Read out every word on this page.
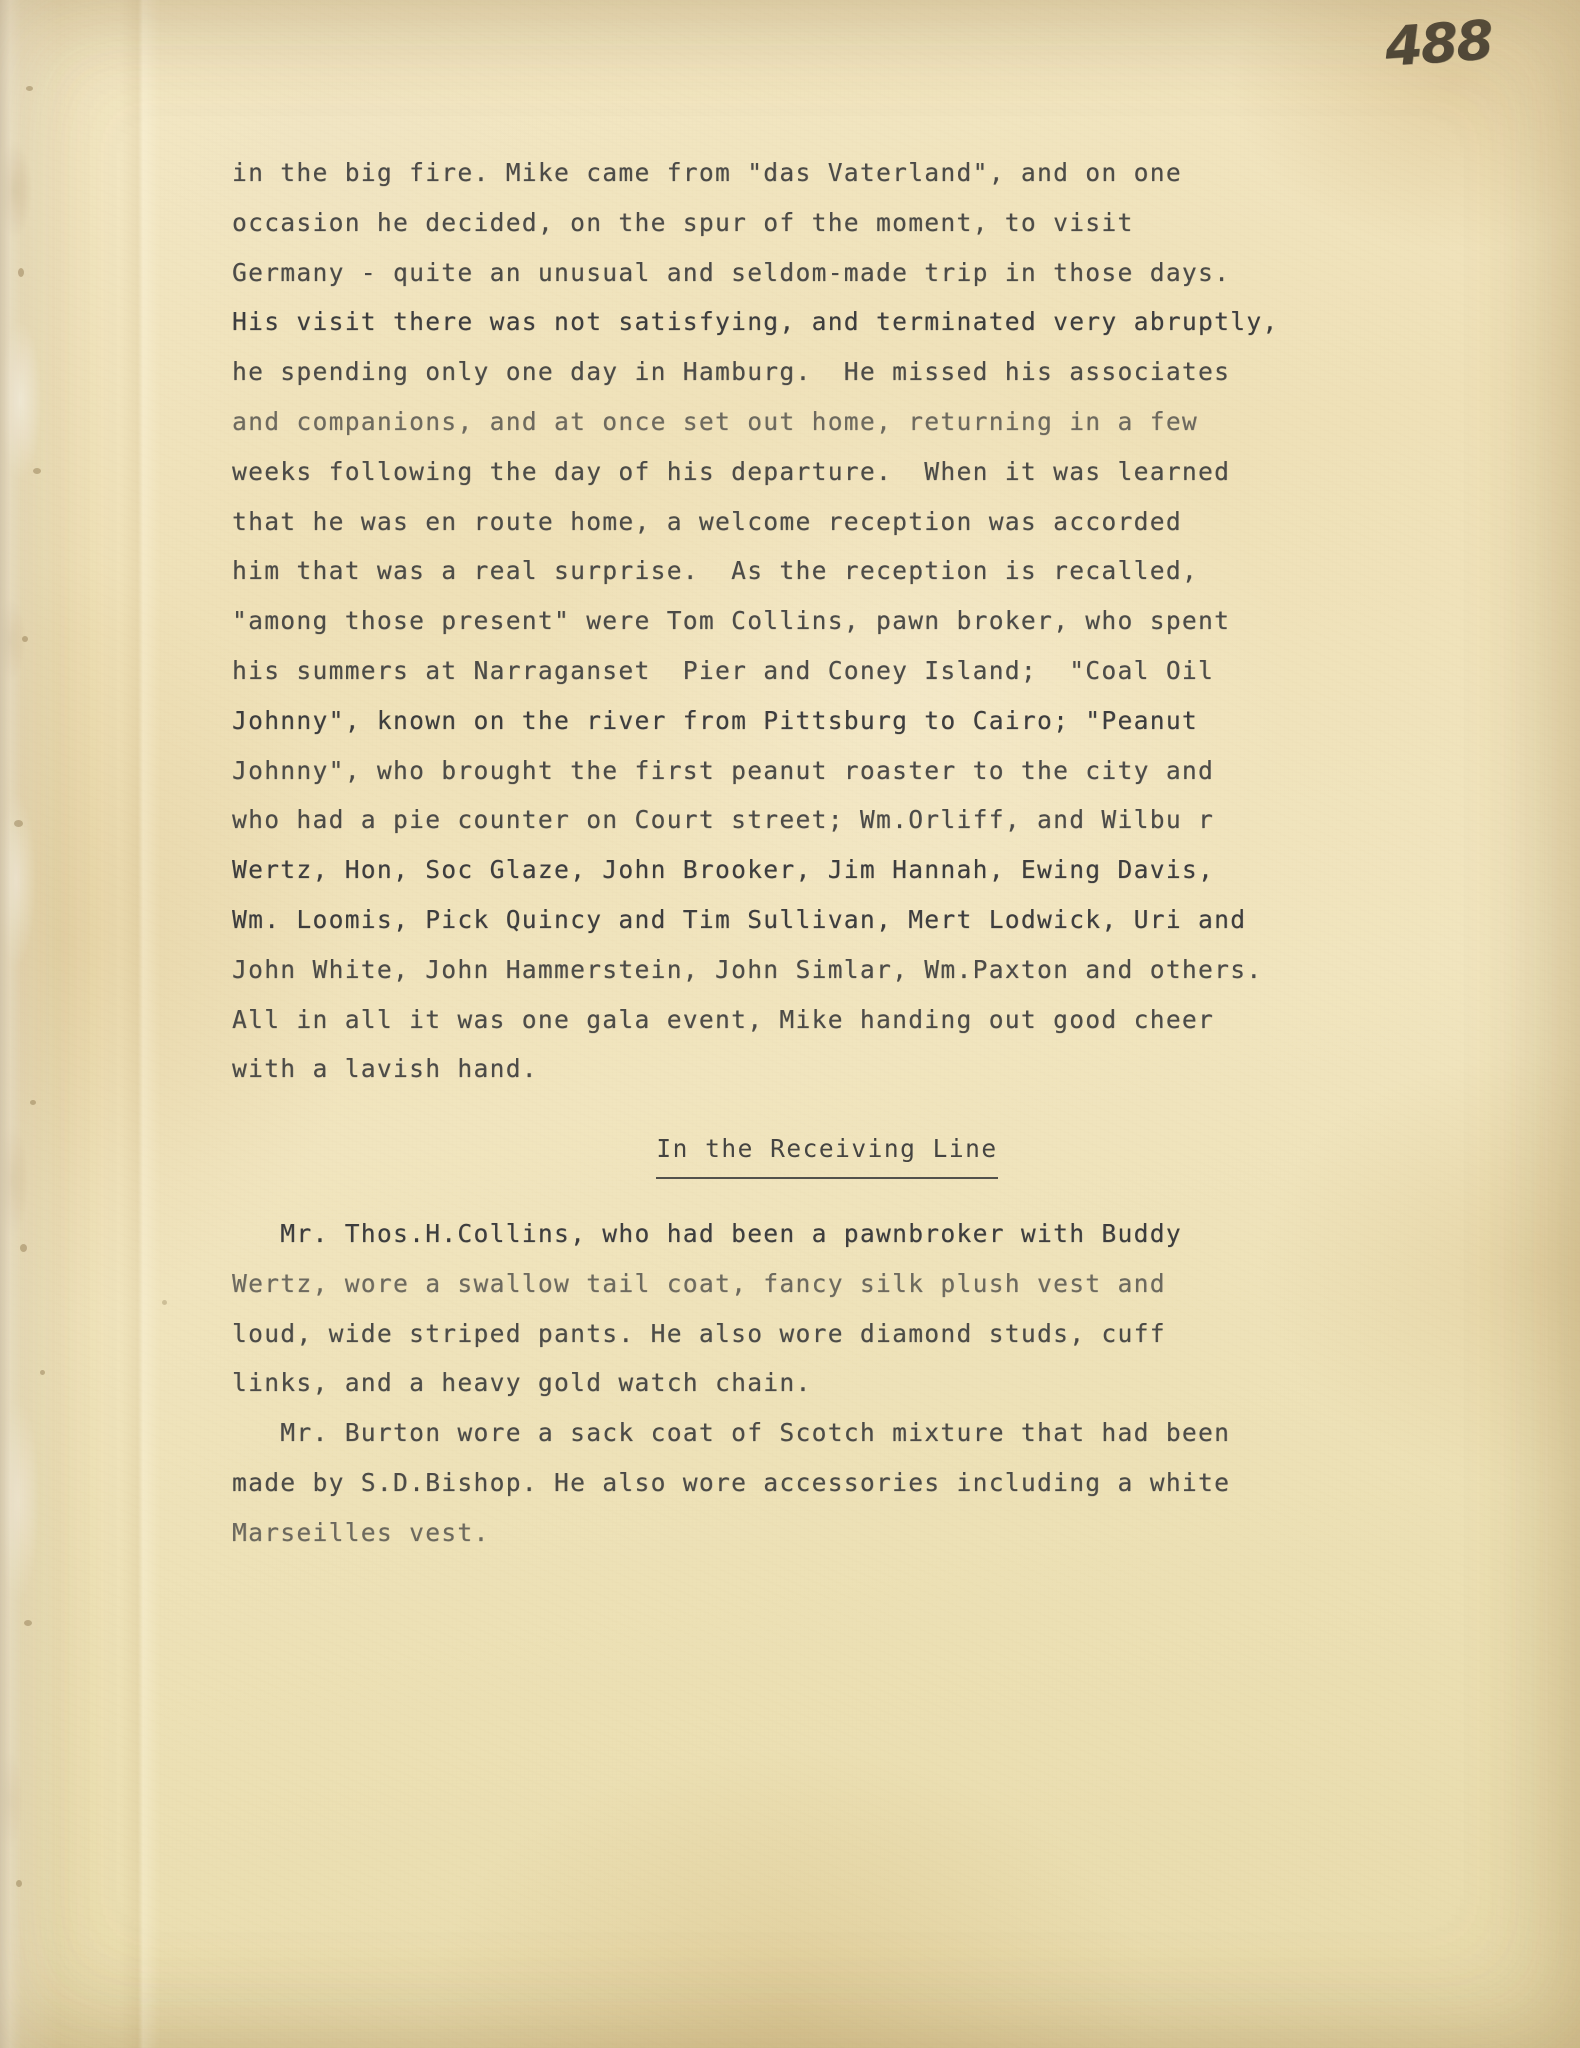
488
in the big fire. Mike came from "das Vaterland", and on one
occasion he decided, on the spur of the moment, to visit
Germany - quite an unusual and seldom-made trip in those days.
His visit there was not satisfying, and terminated very abruptly,
he spending only one day in Hamburg.  He missed his associates
and companions, and at once set out home, returning in a few
weeks following the day of his departure.  When it was learned
that he was en route home, a welcome reception was accorded
him that was a real surprise.  As the reception is recalled,
"among those present" were Tom Collins, pawn broker, who spent
his summers at Narraganset  Pier and Coney Island;  "Coal Oil
Johnny", known on the river from Pittsburg to Cairo; "Peanut
Johnny", who brought the first peanut roaster to the city and
who had a pie counter on Court street; Wm.Orliff, and Wilbu r
Wertz, Hon, Soc Glaze, John Brooker, Jim Hannah, Ewing Davis,
Wm. Loomis, Pick Quincy and Tim Sullivan, Mert Lodwick, Uri and
John White, John Hammerstein, John Simlar, Wm.Paxton and others.
All in all it was one gala event, Mike handing out good cheer
with a lavish hand.
In the Receiving Line
Mr. Thos.H.Collins, who had been a pawnbroker with Buddy
Wertz, wore a swallow tail coat, fancy silk plush vest and
loud, wide striped pants. He also wore diamond studs, cuff
links, and a heavy gold watch chain.
Mr. Burton wore a sack coat of Scotch mixture that had been
made by S.D.Bishop. He also wore accessories including a white
Marseilles vest.
